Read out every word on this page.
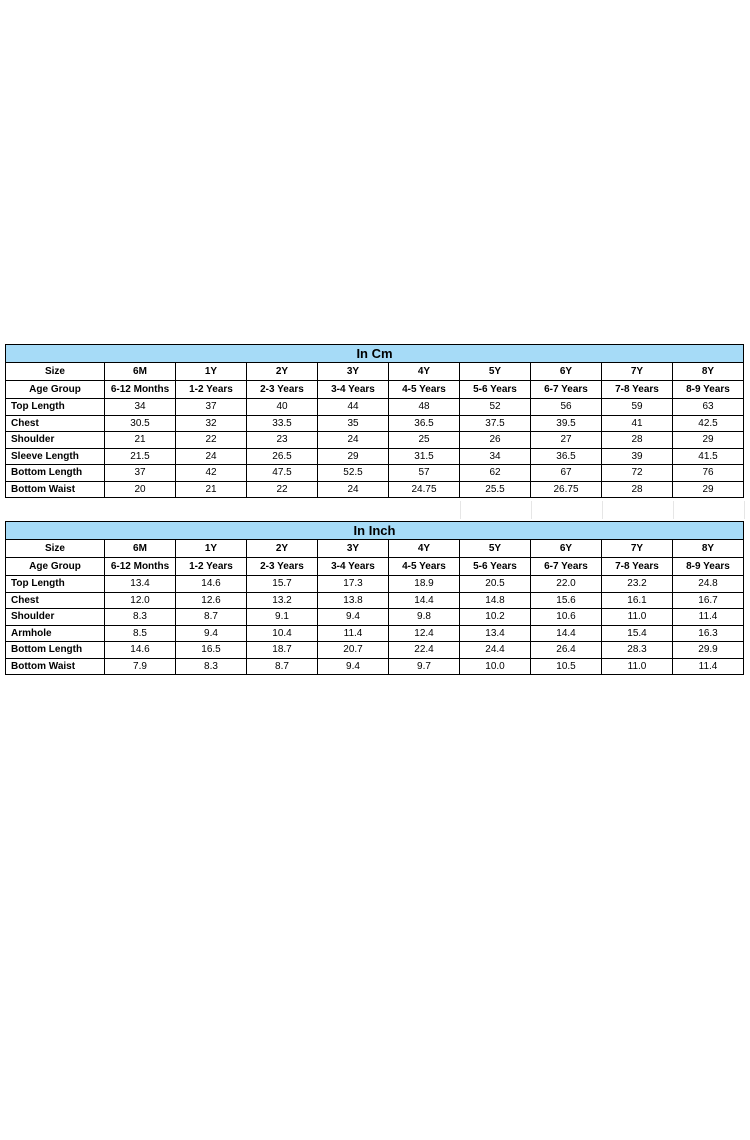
In Cm									
Size	6M	1Y	2Y	3Y	4Y	5Y	6Y	7Y	8Y
Age Group	6-12 Months	1-2 Years	2-3 Years	3-4 Years	4-5 Years	5-6 Years	6-7 Years	7-8 Years	8-9 Years
Top Length	34	37	40	44	48	52	56	59	63
Chest	30.5	32	33.5	35	36.5	37.5	39.5	41	42.5
Shoulder	21	22	23	24	25	26	27	28	29
Sleeve Length	21.5	24	26.5	29	31.5	34	36.5	39	41.5
Bottom Length	37	42	47.5	52.5	57	62	67	72	76
Bottom Waist	20	21	22	24	24.75	25.5	26.75	28	29
In Inch									
Size	6M	1Y	2Y	3Y	4Y	5Y	6Y	7Y	8Y
Age Group	6-12 Months	1-2 Years	2-3 Years	3-4 Years	4-5 Years	5-6 Years	6-7 Years	7-8 Years	8-9 Years
Top Length	13.4	14.6	15.7	17.3	18.9	20.5	22.0	23.2	24.8
Chest	12.0	12.6	13.2	13.8	14.4	14.8	15.6	16.1	16.7
Shoulder	8.3	8.7	9.1	9.4	9.8	10.2	10.6	11.0	11.4
Armhole	8.5	9.4	10.4	11.4	12.4	13.4	14.4	15.4	16.3
Bottom Length	14.6	16.5	18.7	20.7	22.4	24.4	26.4	28.3	29.9
Bottom Waist	7.9	8.3	8.7	9.4	9.7	10.0	10.5	11.0	11.4
